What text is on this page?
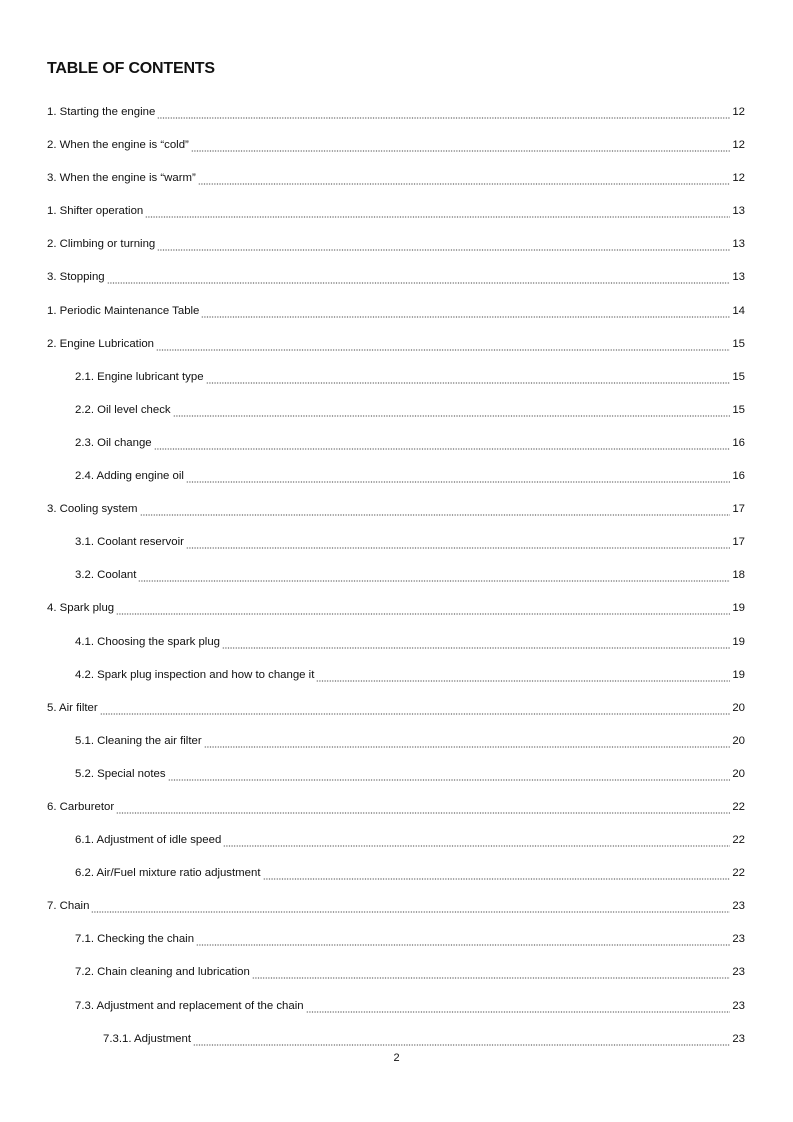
TABLE OF CONTENTS
1. Starting the engine	12
2. When the engine is “cold”	12
3. When the engine is “warm”	12
1. Shifter operation	13
2. Climbing or turning	13
3. Stopping	13
1. Periodic Maintenance Table	14
2. Engine Lubrication	15
2.1. Engine lubricant type	15
2.2. Oil level check	15
2.3. Oil change	16
2.4. Adding engine oil	16
3. Cooling system	17
3.1. Coolant reservoir	17
3.2. Coolant	18
4. Spark plug	19
4.1. Choosing the spark plug	19
4.2. Spark plug inspection and how to change it	19
5. Air filter	20
5.1. Cleaning the air filter	20
5.2. Special notes	20
6. Carburetor	22
6.1. Adjustment of idle speed	22
6.2. Air/Fuel mixture ratio adjustment	22
7. Chain	23
7.1. Checking the chain	23
7.2. Chain cleaning and lubrication	23
7.3. Adjustment and replacement of the chain	23
7.3.1. Adjustment	23
2
